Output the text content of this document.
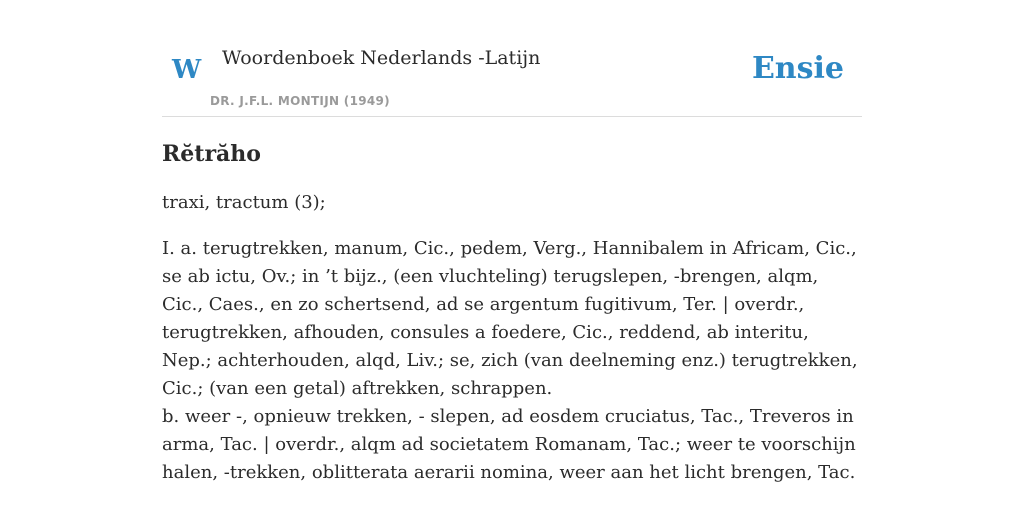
W Woordenboek Nederlands -Latijn
DR. J.F.L. MONTIJN (1949)
Ensie
Rĕtrăho

traxi, tractum (3);

I. a. terugtrekken, manum, Cic., pedem, Verg., Hannibalem in Africam, Cic., se ab ictu, Ov.; in ’t bijz., (een vluchteling) terugslepen, -brengen, alqm, Cic., Caes., en zo schertsend, ad se argentum fugitivum, Ter. | overdr., terugtrekken, afhouden, consules a foedere, Cic., reddend, ab interitu, Nep.; achterhouden, alqd, Liv.; se, zich (van deelneming enz.) terugtrekken, Cic.; (van een getal) aftrekken, schrappen.

b. weer -, opnieuw trekken, - slepen, ad eosdem cruciatus, Tac., Treveros in arma, Tac. | overdr., alqm ad societatem Romanam, Tac.; weer te voorschijn halen, -trekken, oblitterata aerarii nomina, weer aan het licht brengen, Tac.
